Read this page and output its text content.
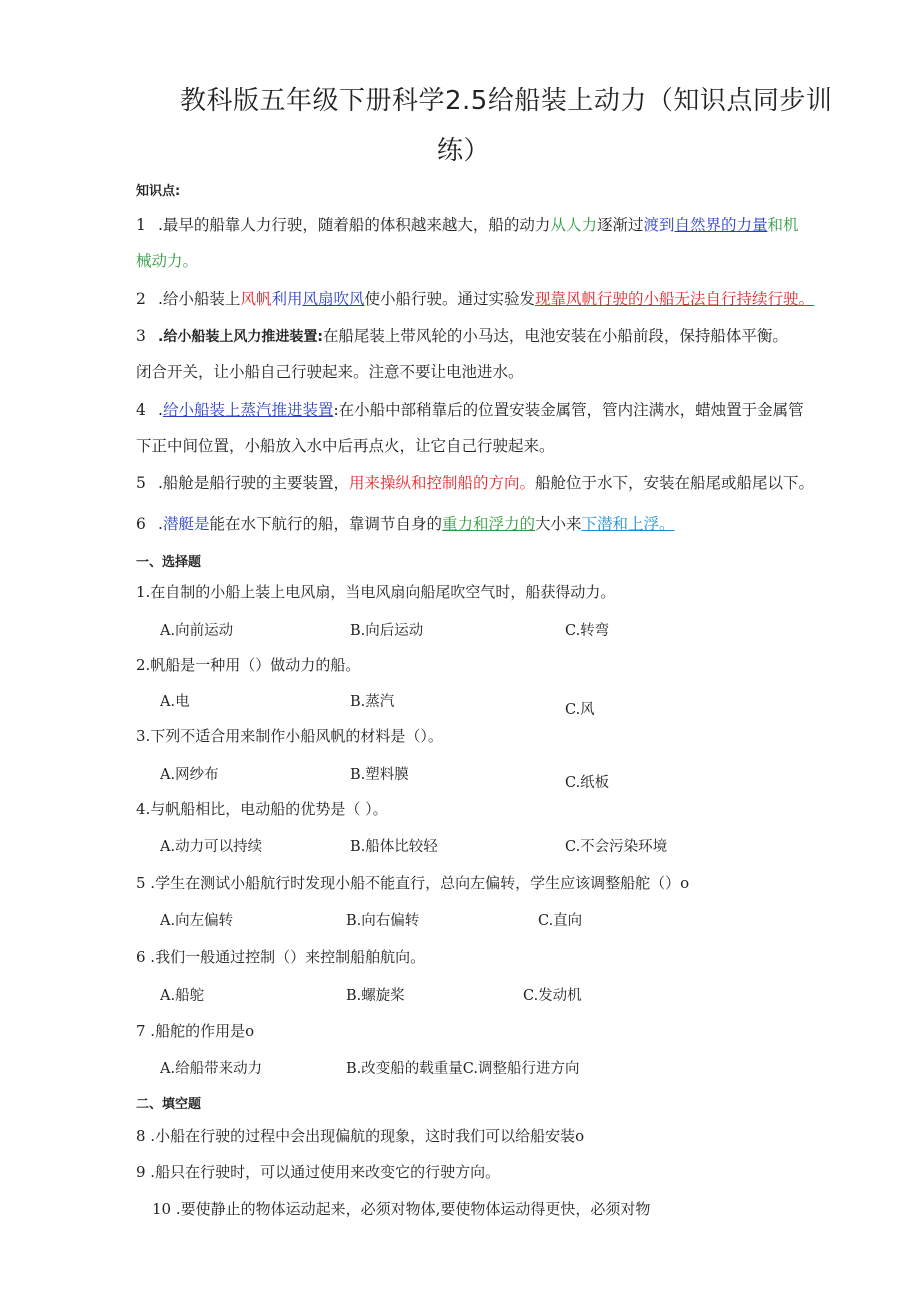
教科版五年级下册科学2.5给船装上动力（知识点同步训
练）
知识点:
1 .最早的船靠人力行驶，随着船的体积越来越大，船的动力从人力逐渐过渡到自然界的力量和机
械动力。
2 .给小船装上风帆利用风扇吹风使小船行驶。通过实验发现靠风帆行驶的小船无法自行持续行驶。
3 .给小船装上风力推进装置:在船尾装上带风轮的小马达，电池安装在小船前段，保持船体平衡。
闭合开关，让小船自己行驶起来。注意不要让电池进水。
4 .给小船装上蒸汽推进装置:在小船中部稍靠后的位置安装金属管，管内注满水，蜡烛置于金属管
下正中间位置，小船放入水中后再点火，让它自己行驶起来。
5 .船舱是船行驶的主要装置，用来操纵和控制船的方向。船舱位于水下，安装在船尾或船尾以下。
6 .潜艇是能在水下航行的船，靠调节自身的重力和浮力的大小来下潜和上浮。
一、选择题
1.在自制的小船上装上电风扇，当电风扇向船尾吹空气时，船获得动力。
A.向前运动	B.向后运动	C.转弯
2.帆船是一种用（）做动力的船。
A.电	B.蒸汽	C.风
3.下列不适合用来制作小船风帆的材料是（）。
A.网纱布	B.塑料膜	C.纸板
4.与帆船相比，电动船的优势是（ ）。
A.动力可以持续	B.船体比较轻	C.不会污染环境
5 .学生在测试小船航行时发现小船不能直行，总向左偏转，学生应该调整船舵（）o
A.向左偏转	B.向右偏转	C.直向
6 .我们一般通过控制（）来控制船舶航向。
A.船鸵	B.螺旋桨	C.发动机
7 .船舵的作用是o
A.给船带来动力	B.改变船的载重量C.调整船行进方向
二、填空题
8 .小船在行驶的过程中会出现偏航的现象，这时我们可以给船安装o
9 .船只在行驶时，可以通过使用来改变它的行驶方向。
10 .要使静止的物体运动起来，必须对物体,要使物体运动得更快，必须对物
